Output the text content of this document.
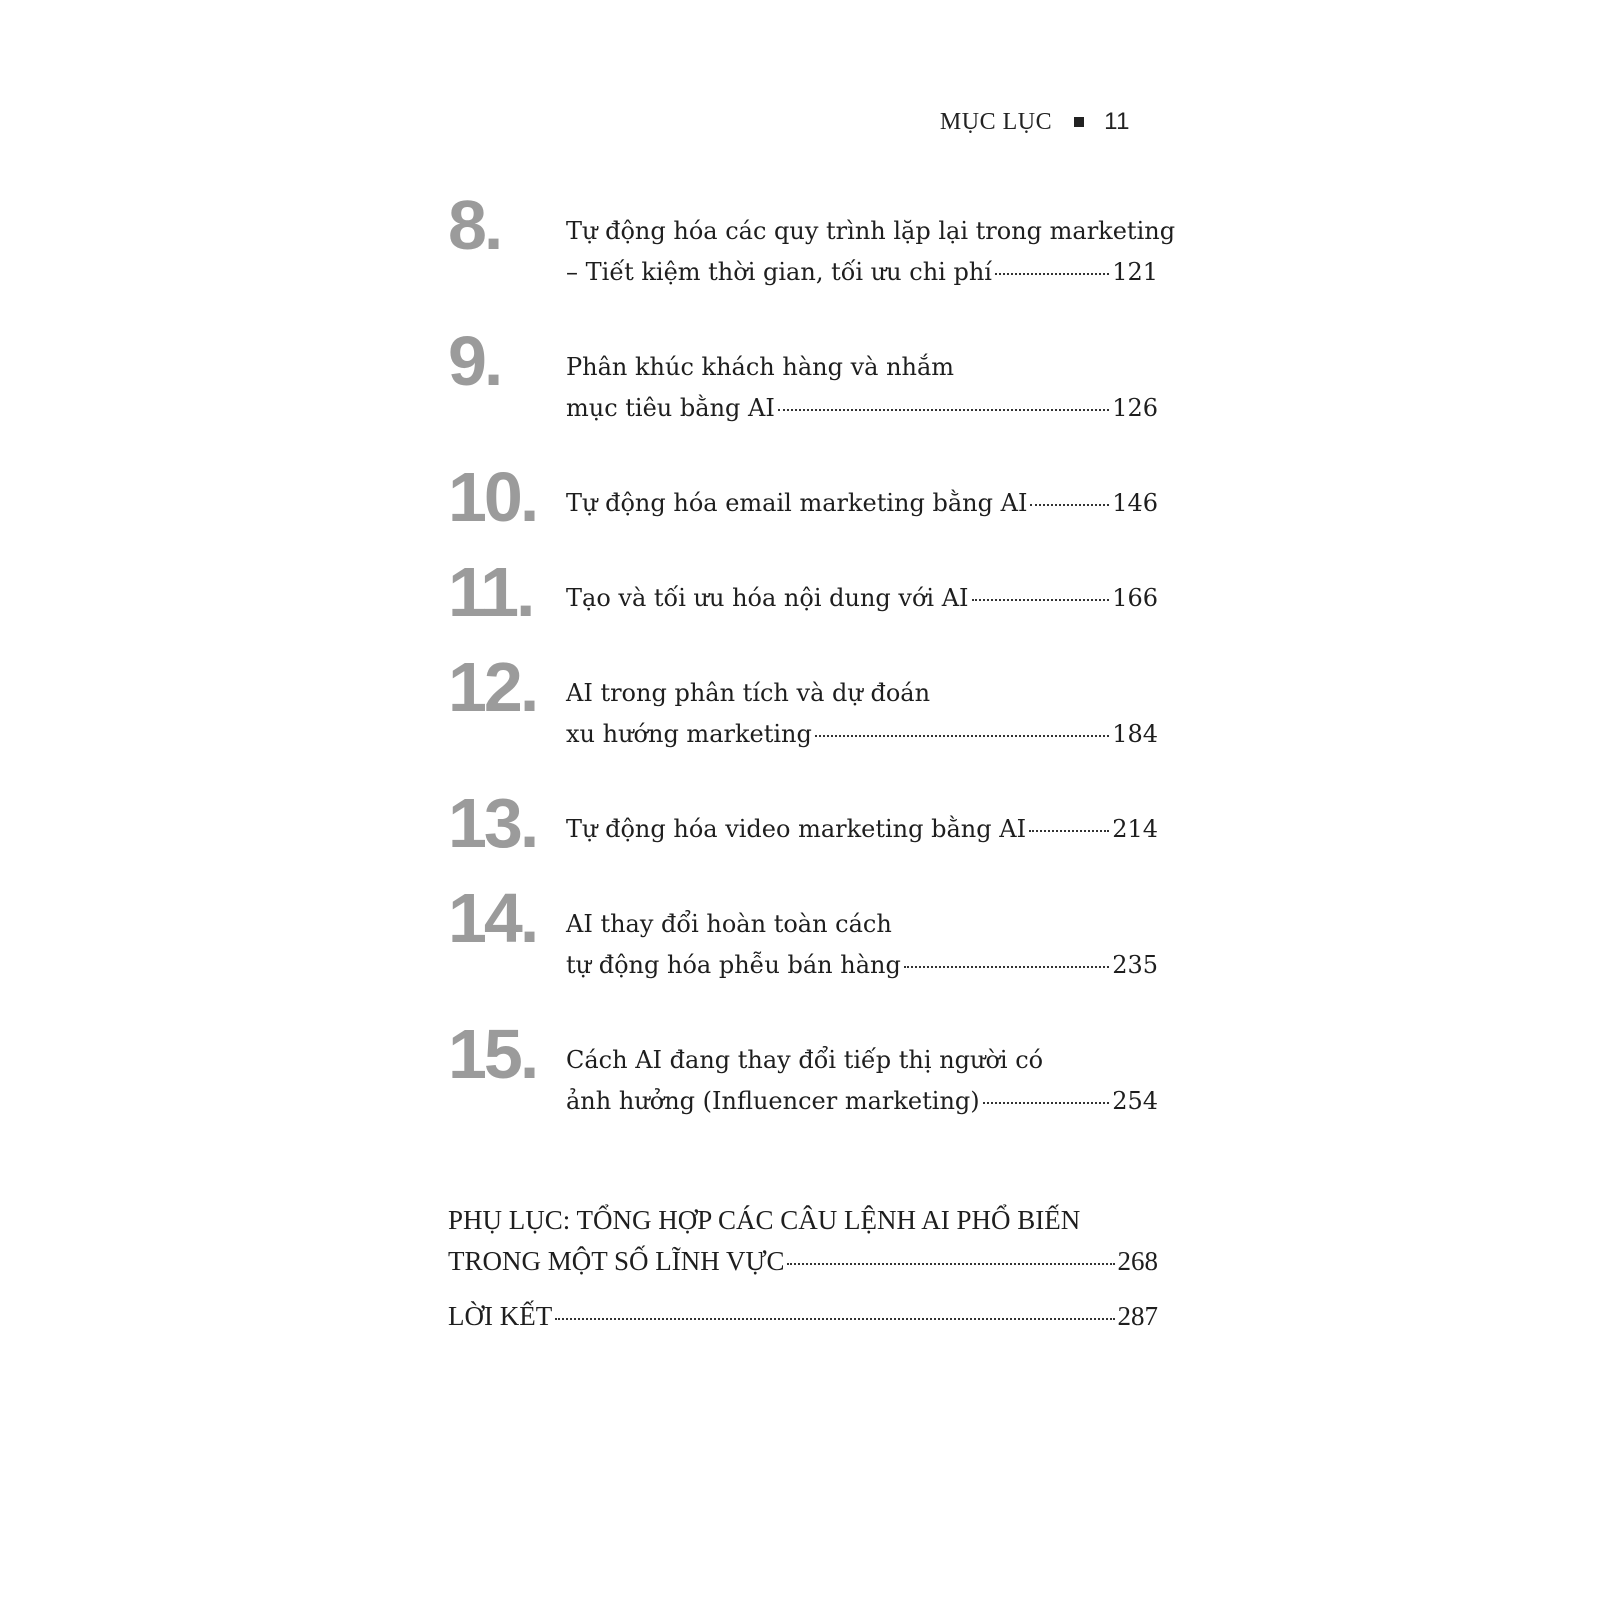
MỤC LỤC 11
8.	Tự động hóa các quy trình lặp lại trong marketing
– Tiết kiệm thời gian, tối ưu chi phí	121
9.	Phân khúc khách hàng và nhắm
mục tiêu bằng AI	126
10. Tự động hóa email marketing bằng AI	146
11. Tạo và tối ưu hóa nội dung với AI	166
12. AI trong phân tích và dự đoán
xu hướng marketing	184
13. Tự động hóa video marketing bằng AI	214
14. AI thay đổi hoàn toàn cách
tự động hóa phễu bán hàng	235
15. Cách AI đang thay đổi tiếp thị người có
ảnh hưởng (Influencer marketing)	254
PHỤ LỤC: TỔNG HỢP CÁC CÂU LỆNH AI PHỔ BIẾN
TRONG MỘT SỐ LĨNH VỰC	268
LỜI KẾT	287
